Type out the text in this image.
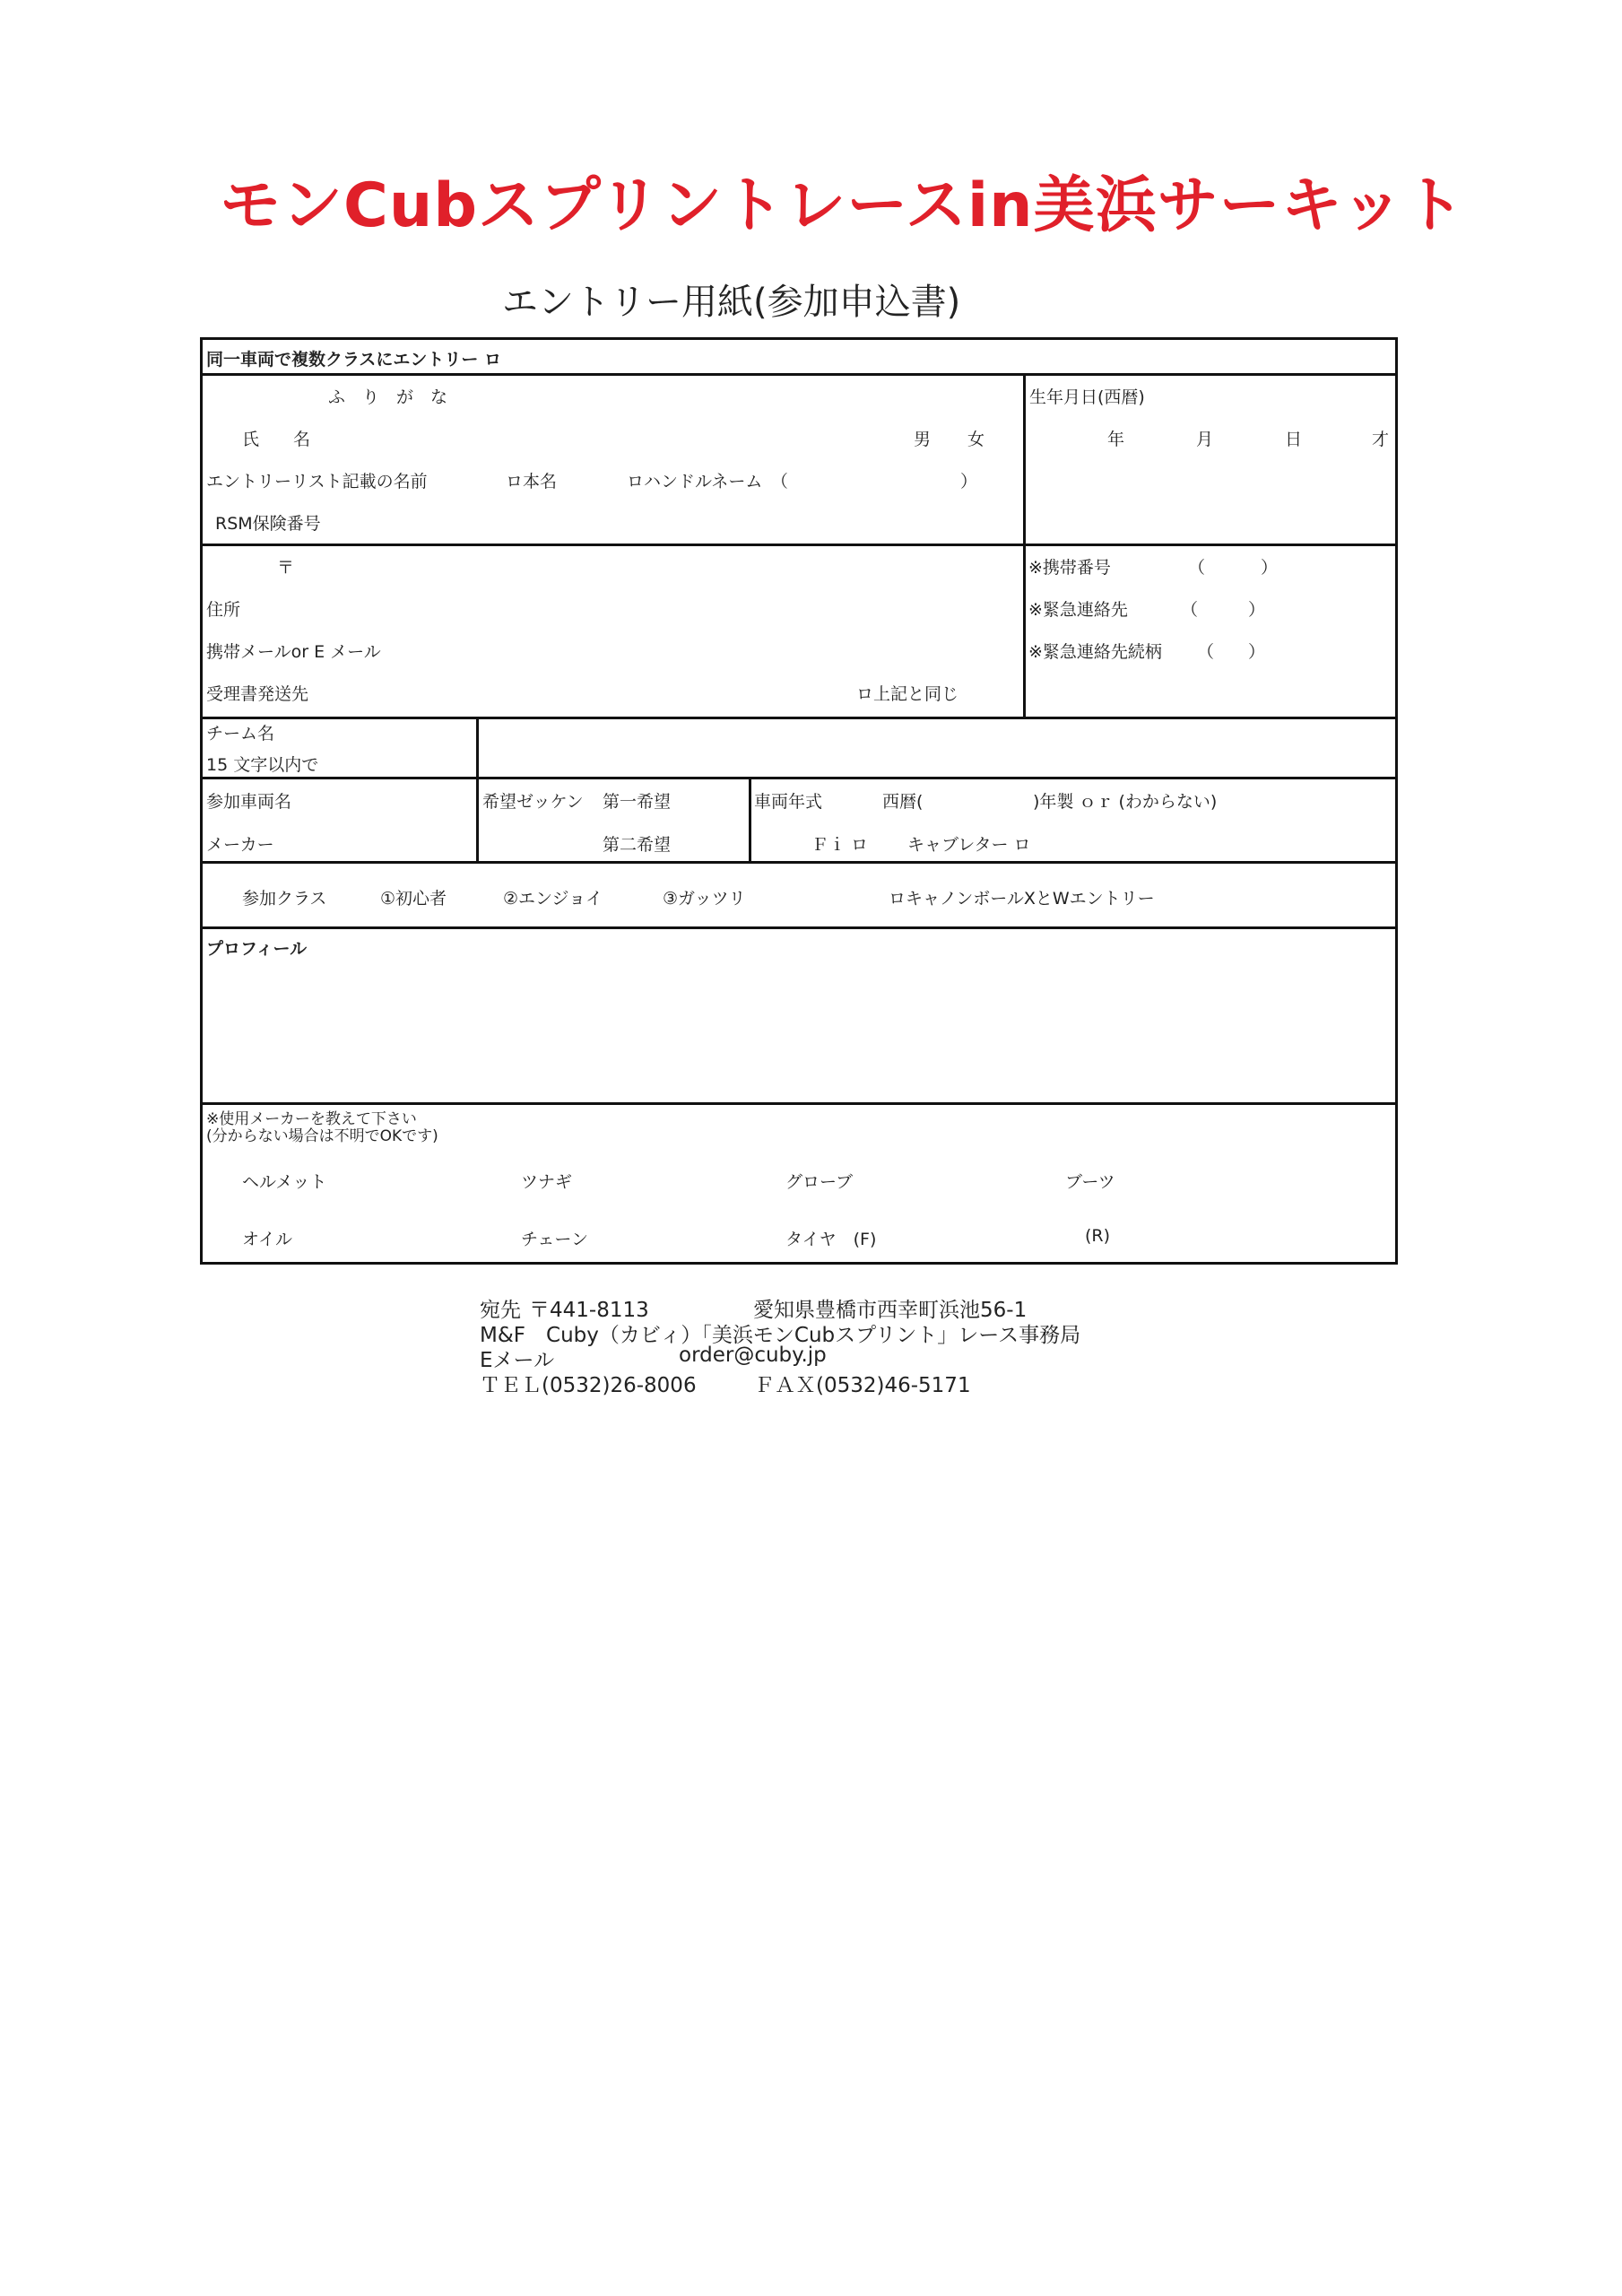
モンCubスプリントレースin美浜サーキット
エントリー用紙(参加申込書)
同一車両で複数クラスにエントリー ロ
ふ　り　が　な
氏　　名	男 女
エントリーリスト記載の名前	ロ本名	ロハンドルネーム　（	）
RSM保険番号
生年月日(西暦)
年	月	日	才
〒
住所
携帯メールor E メール
受理書発送先	ロ上記と同じ
※携帯番号	（	）
※緊急連絡先	（	）
※緊急連絡先続柄 （ ）
チーム名
15 文字以内で
参加車両名
メーカー
希望ゼッケン 第一希望
第二希望
車両年式	西暦(	)年製 ｏｒ (わからない)
Ｆｉ ロ キャブレター ロ
参加クラス	①初心者	②エンジョイ	③ガッツリ	ロキャノンボールXとWエントリー
プロフィール
※使用メーカーを教えて下さい
(分からない場合は不明でOKです)
ヘルメット	ツナギ	グローブ	ブーツ
オイル	チェーン	タイヤ　(F)	(R)
宛先 〒441-8113	愛知県豊橋市西幸町浜池56-1
M&F　Cuby（カビィ）「美浜モンCubスプリント」レース事務局
Eメール	order@cuby.jp
ＴＥＬ(0532)26-8006	ＦＡＸ(0532)46-5171
